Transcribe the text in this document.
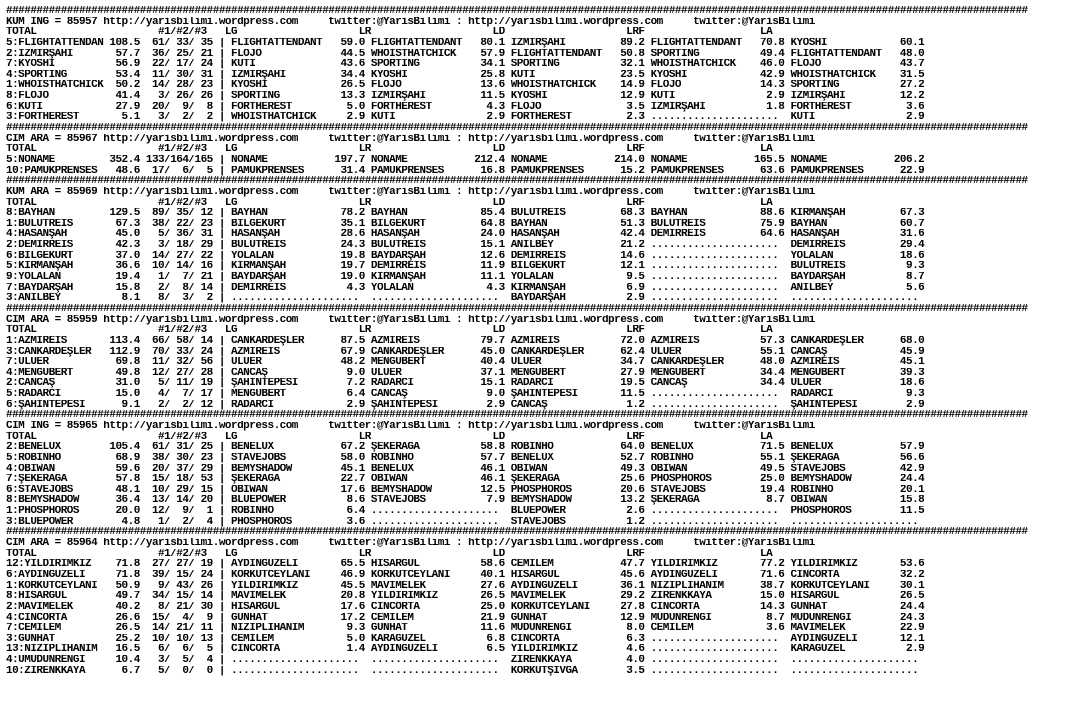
########################################################################################################################################################################
KUM ING = 85957 http://yarisbilimi.wordpress.com     twitter:@YarisBilimi : http://yarisbilimi.wordpress.com     twitter:@YarisBilimi
TOTAL                    #1/#2/#3   LG                    LR                    LD                    LRF                   LA
5:FLIGHTATTENDAN 108.5  61/ 33/ 35 | FLIGHTATTENDANT   59.0 FLIGHTATTENDANT   80.1 İZMIRŞAHI         89.2 FLIGHTATTENDANT   70.8 KYOSHI            60.1
2:İZMIRŞAHI       57.7  36/ 25/ 21 | FLOJO             44.5 WHOISTHATCHICK    57.9 FLIGHTATTENDANT   50.8 SPORTING          49.4 FLIGHTATTENDANT   48.0
7:KYOSHI          56.9  22/ 17/ 24 | KUTI              43.6 SPORTING          34.1 SPORTING          32.1 WHOISTHATCHICK    46.0 FLOJO             43.7
4:SPORTING        53.4  11/ 30/ 31 | İZMIRŞAHI         34.4 KYOSHI            25.8 KUTI              23.5 KYOSHI            42.9 WHOISTHATCHICK    31.5
1:WHOISTHATCHICK  50.2  14/ 28/ 23 | KYOSHI            26.5 FLOJO             13.6 WHOISTHATCHICK    14.9 FLOJO             14.3 SPORTING          27.2
8:FLOJO           41.4   3/ 26/ 26 | SPORTING          13.3 İZMIRŞAHI         11.5 KYOSHI            12.9 KUTI               2.9 İZMIRŞAHI         12.2
6:KUTI            27.9  20/  9/  8 | FORTHEREST         5.0 FORTHEREST         4.3 FLOJO              3.5 İZMIRŞAHI          1.8 FORTHEREST         3.6
3:FORTHEREST       5.1   3/  2/  2 | WHOISTHATCHICK     2.9 KUTI               2.9 FORTHEREST         2.3 .....................  KUTI               2.9
########################################################################################################################################################################
CIM ARA = 85967 http://yarisbilimi.wordpress.com     twitter:@YarisBilimi : http://yarisbilimi.wordpress.com     twitter:@YarisBilimi
TOTAL                    #1/#2/#3   LG                    LR                    LD                    LRF                   LA
5:NONAME         352.4 133/164/165 | NONAME           197.7 NONAME           212.4 NONAME           214.0 NONAME           165.5 NONAME           206.2
10:PAMUKPRENSES   48.6  17/  6/  5 | PAMUKPRENSES      31.4 PAMUKPRENSES      16.8 PAMUKPRENSES      15.2 PAMUKPRENSES      63.6 PAMUKPRENSES      22.9
########################################################################################################################################################################
KUM ARA = 85969 http://yarisbilimi.wordpress.com     twitter:@YarisBilimi : http://yarisbilimi.wordpress.com     twitter:@YarisBilimi
TOTAL                    #1/#2/#3   LG                    LR                    LD                    LRF                   LA
8:BAYHAN         129.5  89/ 35/ 12 | BAYHAN            78.2 BAYHAN            85.4 BULUTREİS         68.3 BAYHAN            88.6 KIRMANŞAH         67.3
1:BULUTREİS       67.3  38/ 22/ 23 | BILGEKURT         35.1 BILGEKURT         64.8 BAYHAN            51.3 BULUTREİS         75.9 BAYHAN            60.7
4:HASANŞAH        45.0   5/ 36/ 31 | HASANŞAH          28.6 HASANŞAH          24.0 HASANŞAH          42.4 DEMIRREİS         64.6 HASANŞAH          31.6
2:DEMIRREİS       42.3   3/ 18/ 29 | BULUTREİS         24.3 BULUTREİS         15.1 ANILBEY           21.2 .....................  DEMIRREİS         29.4
6:BILGEKURT       37.0  14/ 27/ 22 | YOLALAN           19.8 BAYDARŞAH         12.6 DEMIRREİS         14.6 .....................  YOLALAN           18.6
5:KIRMANŞAH       36.6  10/ 14/ 16 | KIRMANŞAH         19.7 DEMIRREİS         11.9 BILGEKURT         12.1 .....................  BULUTREİS          9.3
9:YOLALAN         19.4   1/  7/ 21 | BAYDARŞAH         19.0 KIRMANŞAH         11.1 YOLALAN            9.5 .....................  BAYDARŞAH          8.7
7:BAYDARŞAH       15.8   2/  8/ 14 | DEMIRREİS          4.3 YOLALAN            4.3 KIRMANŞAH          6.9 .....................  ANILBEY            5.6
3:ANILBEY          8.1   8/  3/  2 | .....................  .....................  BAYDARŞAH          2.9 .....................  .....................
########################################################################################################################################################################
CIM ARA = 85959 http://yarisbilimi.wordpress.com     twitter:@YarisBilimi : http://yarisbilimi.wordpress.com     twitter:@YarisBilimi
TOTAL                    #1/#2/#3   LG                    LR                    LD                    LRF                   LA
1:AZMİREİS       113.4  66/ 58/ 14 | CANKARDEŞLER      87.5 AZMİREİS          79.7 AZMİREİS          72.0 AZMİREİS          57.3 CANKARDEŞLER      68.0
3:CANKARDEŞLER   112.9  70/ 33/ 24 | AZMİREİS          67.9 CANKARDEŞLER      45.0 CANKARDEŞLER      62.4 ULUER             55.1 CANCAŞ            45.9
7:ULUER           69.8  11/ 32/ 56 | ULUER             48.2 MENGÜBERT         40.4 ULUER             34.7 CANKARDEŞLER      48.0 AZMİREİS          45.1
4:MENGÜBERT       49.8  12/ 27/ 28 | CANCAŞ             9.0 ULUER             37.1 MENGÜBERT         27.9 MENGÜBERT         34.4 MENGÜBERT         39.3
2:CANCAŞ          31.0   5/ 11/ 19 | ŞAHINTEPESİ        7.2 RADARCI           15.1 RADARCI           19.5 CANCAŞ            34.4 ULUER             18.6
5:RADARCI         15.0   4/  7/ 17 | MENGÜBERT          6.4 CANCAŞ             9.0 ŞAHINTEPESİ       11.5 .....................  RADARCI            9.3
6:ŞAHINTEPESİ      9.1   2/  2/ 12 | RADARCI            2.9 ŞAHINTEPESİ        2.9 CANCAŞ             1.2 .....................  ŞAHINTEPESİ        2.9
########################################################################################################################################################################
CIM ING = 85965 http://yarisbilimi.wordpress.com     twitter:@YarisBilimi : http://yarisbilimi.wordpress.com     twitter:@YarisBilimi
TOTAL                    #1/#2/#3   LG                    LR                    LD                    LRF                   LA
2:BENELUX        105.4  61/ 31/ 25 | BENELUX           67.2 ŞEKERAĞA          58.8 ROBINHO           64.0 BENELUX           71.5 BENELUX           57.9
5:ROBINHO         68.9  38/ 30/ 23 | STAVEJOBS         58.0 ROBINHO           57.7 BENELUX           52.7 ROBINHO           55.1 ŞEKERAĞA          56.6
4:OBIWAN          59.6  20/ 37/ 29 | BEMYSHADOW        45.1 BENELUX           46.1 OBIWAN            49.3 OBIWAN            49.5 STAVEJOBS         42.9
7:ŞEKERAĞA        57.8  15/ 18/ 53 | ŞEKERAĞA          22.7 OBIWAN            46.1 ŞEKERAĞA          25.6 PHOSPHOROS        25.0 BEMYSHADOW        24.4
6:STAVEJOBS       48.1  10/ 29/ 15 | OBIWAN            17.6 BEMYSHADOW        12.5 PHOSPHOROS        20.6 STAVEJOBS         19.4 ROBINHO           20.1
8:BEMYSHADOW      36.4  13/ 14/ 20 | BLUEPOWER          8.6 STAVEJOBS          7.9 BEMYSHADOW        13.2 ŞEKERAĞA           8.7 OBIWAN            15.8
1:PHOSPHOROS      20.0  12/  9/  1 | ROBINHO            6.4 .....................  BLUEPOWER          2.6 .....................  PHOSPHOROS        11.5
3:BLUEPOWER        4.8   1/  2/  4 | PHOSPHOROS         3.6 .....................  STAVEJOBS          1.2 .....................  .....................
########################################################################################################################################################################
CIM ARA = 85964 http://yarisbilimi.wordpress.com     twitter:@YarisBilimi : http://yarisbilimi.wordpress.com     twitter:@YarisBilimi
TOTAL                    #1/#2/#3   LG                    LR                    LD                    LRF                   LA
12:YILDIRIMKIZ    71.8  27/ 27/ 19 | AYDINGÜZELİ       65.5 HİSARGÜL          58.6 CEMİLEM           47.7 YILDIRIMKIZ       77.2 YILDIRIMKIZ       53.6
6:AYDINGÜZELİ     71.8  39/ 15/ 24 | KORKUTCEYLANI     46.9 KORKUTCEYLANI     40.1 HİSARGÜL          45.6 AYDINGÜZELİ       71.6 CINCORTA          32.2
1:KORKUTCEYLANI   50.9   9/ 43/ 26 | YILDIRIMKIZ       45.5 MAVİMELEK         27.6 AYDINGÜZELİ       36.1 NIZIPLIHANIM      38.7 KORKUTCEYLANI     30.1
8:HİSARGÜL        49.7  34/ 15/ 14 | MAVİMELEK         20.8 YILDIRIMKIZ       26.5 MAVİMELEK         29.2 ZIRENKKAYA        15.0 HİSARGÜL          26.5
2:MAVİMELEK       40.2   8/ 21/ 30 | HİSARGÜL          17.6 CINCORTA          25.0 KORKUTCEYLANI     27.8 CINCORTA          14.3 GÜNHAT            24.4
4:CINCORTA        26.6  15/  4/  9 | GÜNHAT            17.2 CEMİLEM           21.9 GÜNHAT            12.9 MUDUNRENGİ         8.7 MUDUNRENGİ        24.3
7:CEMİLEM         26.5  14/ 21/ 11 | NIZIPLIHANIM       9.3 GÜNHAT            11.6 MUDUNRENGİ         8.0 CEMİLEM            3.6 MAVİMELEK         22.9
3:GÜNHAT          25.2  10/ 10/ 13 | CEMİLEM            5.0 KARAGÜZEL          6.8 CINCORTA           6.3 .....................  AYDINGÜZELİ       12.1
13:NIZIPLIHANIM   16.5   6/  6/  5 | CINCORTA           1.4 AYDINGÜZELİ        6.5 YILDIRIMKIZ        4.6 .....................  KARAGÜZEL          2.9
4:UMUDUNRENGI     10.4   3/  5/  4 | .....................  .....................  ZIRENKKAYA         4.0 .....................  .....................
10:ZIRENKKAYA      6.7   5/  0/  0 | .....................  .....................  KORKUTŞIVGA        3.5 .....................  .....................
